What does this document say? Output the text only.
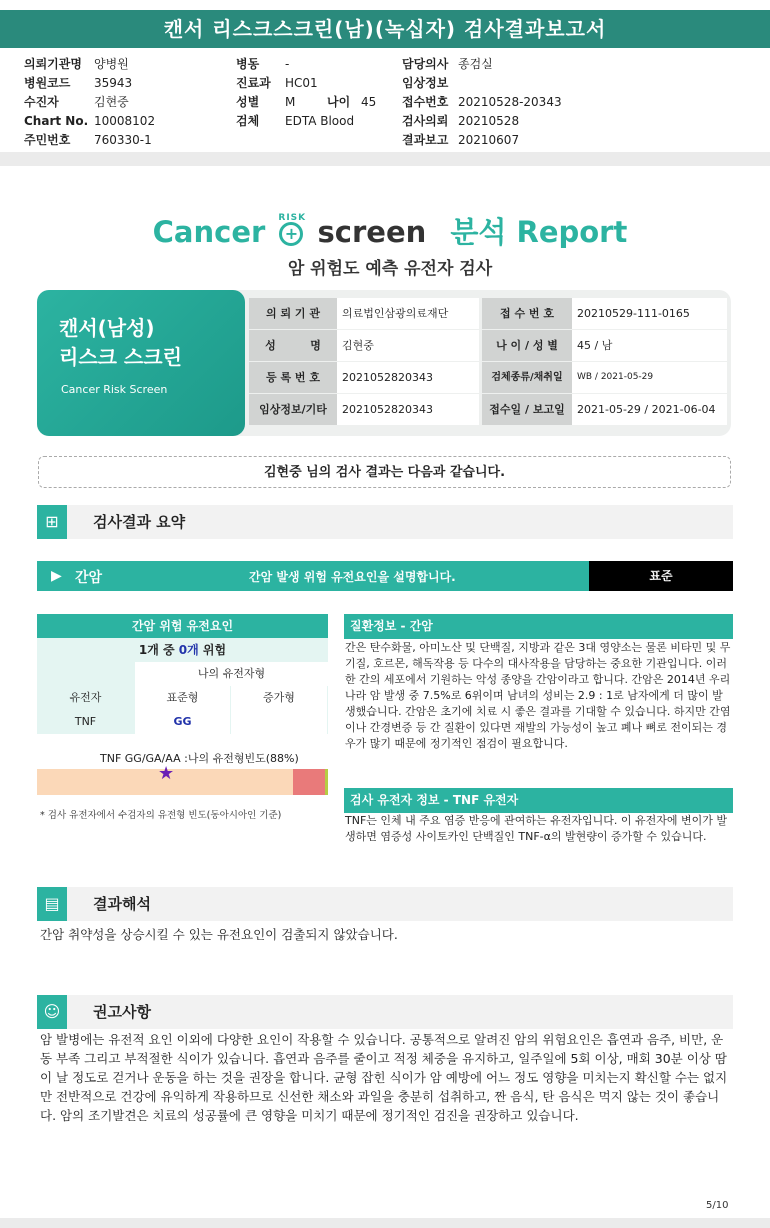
캔서 리스크스크린(남)(녹십자) 검사결과보고서
의뢰기관명 양병원
병원코드 35943
수진자	김현중
Chart No. 10008102
주민번호 760330-1
병동 -
진료과 HC01
성별 M	나이 45
검체 EDTA Blood
담당의사 종검실
임상정보
접수번호 20210528-20343
검사의뢰 20210528
결과보고 20210607
Cancer RISK
+ screen 분석 Report
암 위험도 예측 유전자 검사
캔서(남성)
리스크 스크린
Cancer Risk Screen
의 뢰 기 관	의료법인삼광의료재단	접 수 번 호	20210529-111-0165
성         명	김현중	나 이 / 성 별	45 / 남
등 록 번 호	2021052820343	검체종류/채취일	WB / 2021-05-29
임상정보/기타	2021052820343	접수일 / 보고일	2021-05-29 / 2021-06-04
김현중 님의 검사 결과는 다음과 같습니다.
⊞	검사결과 요약
▶ 간암	간암 발생 위험 유전요인을 설명합니다.	표준
간암 위험 유전요인
1개 중 0개 위험
나의 유전자형
유전자	표준형	증가형
TNF	GG
TNF GG/GA/AA :나의 유전형빈도(88%)
★
* 검사 유전자에서 수검자의 유전형 빈도(동아시아인 기준)
질환정보 - 간암
간은 탄수화물, 아미노산 및 단백질, 지방과 같은 3대 영양소는 물론 비타민 및 무기질, 호르몬, 해독작용 등 다수의 대사작용을 담당하는 중요한 기관입니다. 이러한 간의 세포에서 기원하는 악성 종양을 간암이라고 합니다. 간암은 2014년 우리나라 암 발생 중 7.5%로 6위이며 남녀의 성비는 2.9 : 1로 남자에게 더 많이 발생했습니다. 간암은 초기에 치료 시 좋은 결과를 기대할 수 있습니다. 하지만 간염이나 간경변증 등 간 질환이 있다면 재발의 가능성이 높고 폐나 뼈로 전이되는 경우가 많기 때문에 정기적인 점검이 필요합니다.
검사 유전자 정보 - TNF 유전자
TNF는 인체 내 주요 염증 반응에 관여하는 유전자입니다. 이 유전자에 변이가 발생하면 염증성 사이토카인 단백질인 TNF-α의 발현량이 증가할 수 있습니다.
▤	결과해석
간암 취약성을 상승시킬 수 있는 유전요인이 검출되지 않았습니다.
☺	권고사항
암 발병에는 유전적 요인 이외에 다양한 요인이 작용할 수 있습니다. 공통적으로 알려진 암의 위험요인은 흡연과 음주, 비만, 운동 부족 그리고 부적절한 식이가 있습니다. 흡연과 음주를 줄이고 적정 체중을 유지하고, 일주일에 5회 이상, 매회 30분 이상 땀이 날 정도로 걷거나 운동을 하는 것을 권장을 합니다. 균형 잡힌 식이가 암 예방에 어느 정도 영향을 미치는지 확신할 수는 없지만 전반적으로 건강에 유익하게 작용하므로 신선한 채소와 과일을 충분히 섭취하고, 짠 음식, 탄 음식은 먹지 않는 것이 좋습니다. 암의 조기발견은 치료의 성공률에 큰 영향을 미치기 때문에 정기적인 검진을 권장하고 있습니다.
5/10
